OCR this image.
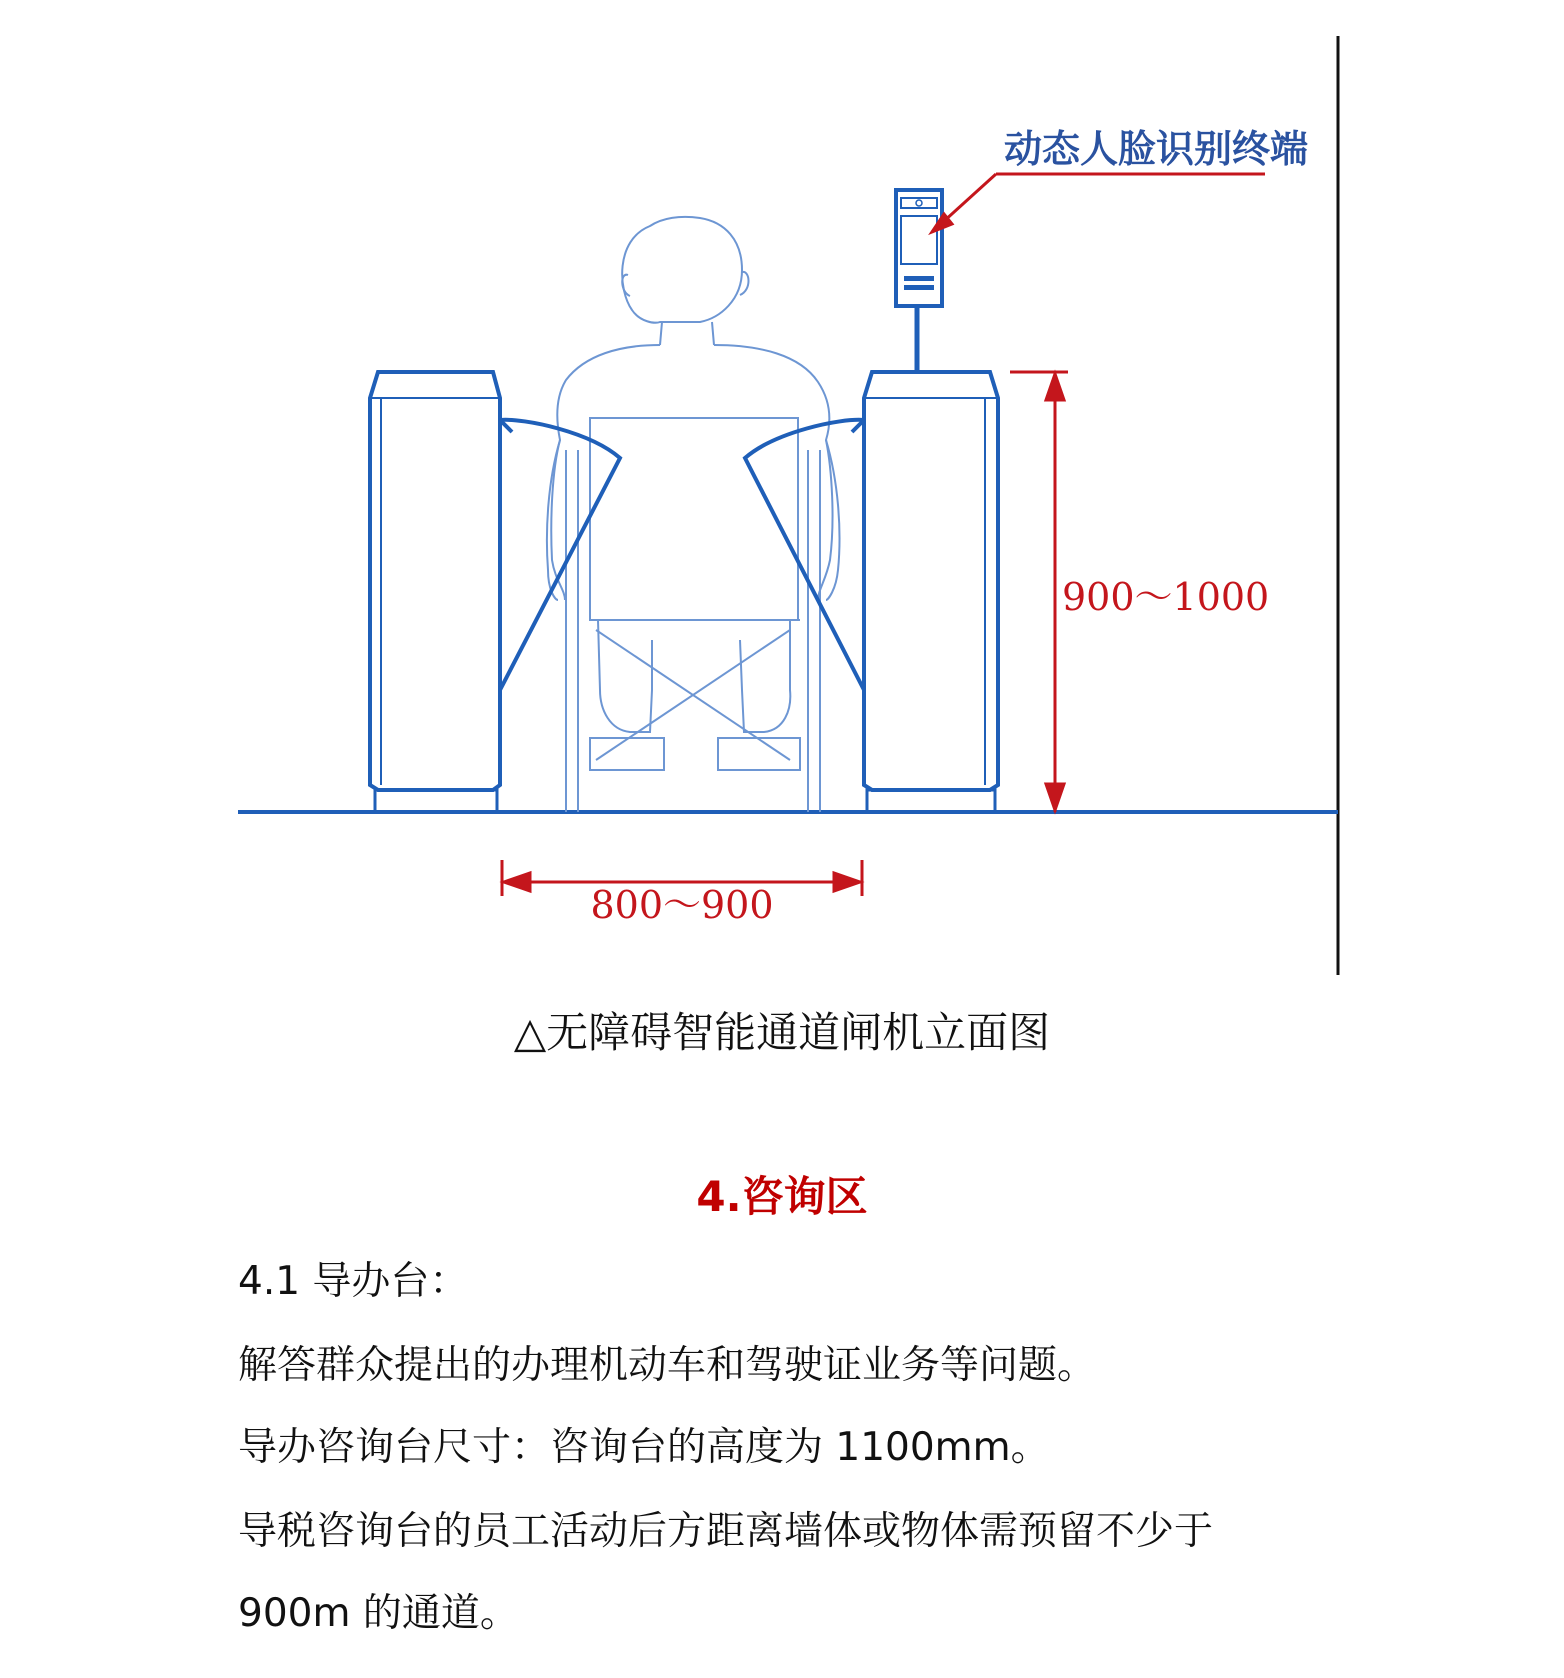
动态人脸识别终端
900～1000
800～900
△无障碍智能通道闸机立面图
4.咨询区
4.1 导办台：
解答群众提出的办理机动车和驾驶证业务等问题。
导办咨询台尺寸：咨询台的高度为 1100mm。
导税咨询台的员工活动后方距离墙体或物体需预留不少于
900m 的通道。
